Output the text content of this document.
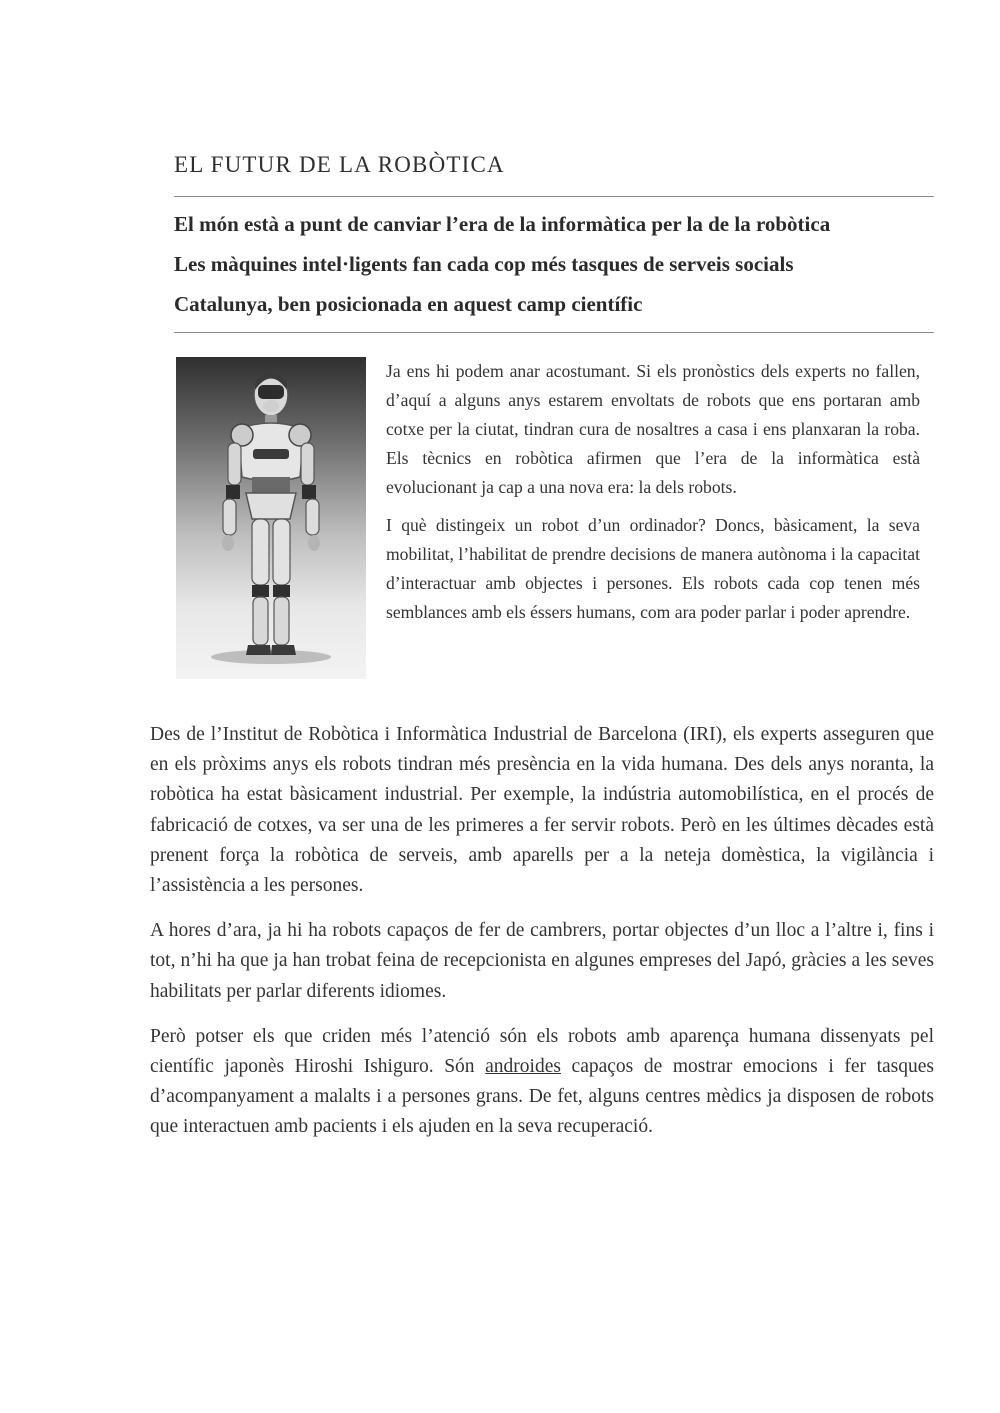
EL FUTUR DE LA ROBÒTICA
El món està a punt de canviar l’era de la informàtica per la de la robòtica
Les màquines intel·ligents fan cada cop més tasques de serveis socials
Catalunya, ben posicionada en aquest camp científic

Ja ens hi podem anar acostumant. Si els pronòstics dels experts no fallen, d’aquí a alguns anys estarem envoltats de robots que ens portaran amb cotxe per la ciutat, tindran cura de nosaltres a casa i ens planxaran la roba. Els tècnics en robòtica afirmen que l’era de la informàtica està evolucionant ja cap a una nova era: la dels robots.

I què distingeix un robot d’un ordinador? Doncs, bàsicament, la seva mobilitat, l’habilitat de prendre decisions de manera autònoma i la capacitat d’interactuar amb objectes i persones. Els robots cada cop tenen més semblances amb els éssers humans, com ara poder parlar i poder aprendre.

Des de l’Institut de Robòtica i Informàtica Industrial de Barcelona (IRI), els experts asseguren que en els pròxims anys els robots tindran més presència en la vida humana. Des dels anys noranta, la robòtica ha estat bàsicament industrial. Per exemple, la indústria automobilística, en el procés de fabricació de cotxes, va ser una de les primeres a fer servir robots. Però en les últimes dècades està prenent força la robòtica de serveis, amb aparells per a la neteja domèstica, la vigilància i l’assistència a les persones.

A hores d’ara, ja hi ha robots capaços de fer de cambrers, portar objectes d’un lloc a l’altre i, fins i tot, n’hi ha que ja han trobat feina de recepcionista en algunes empreses del Japó, gràcies a les seves habilitats per parlar diferents idiomes.

Però potser els que criden més l’atenció són els robots amb aparença humana dissenyats pel científic japonès Hiroshi Ishiguro. Són androides capaços de mostrar emocions i fer tasques d’acompanyament a malalts i a persones grans. De fet, alguns centres mèdics ja disposen de robots que interactuen amb pacients i els ajuden en la seva recuperació.
